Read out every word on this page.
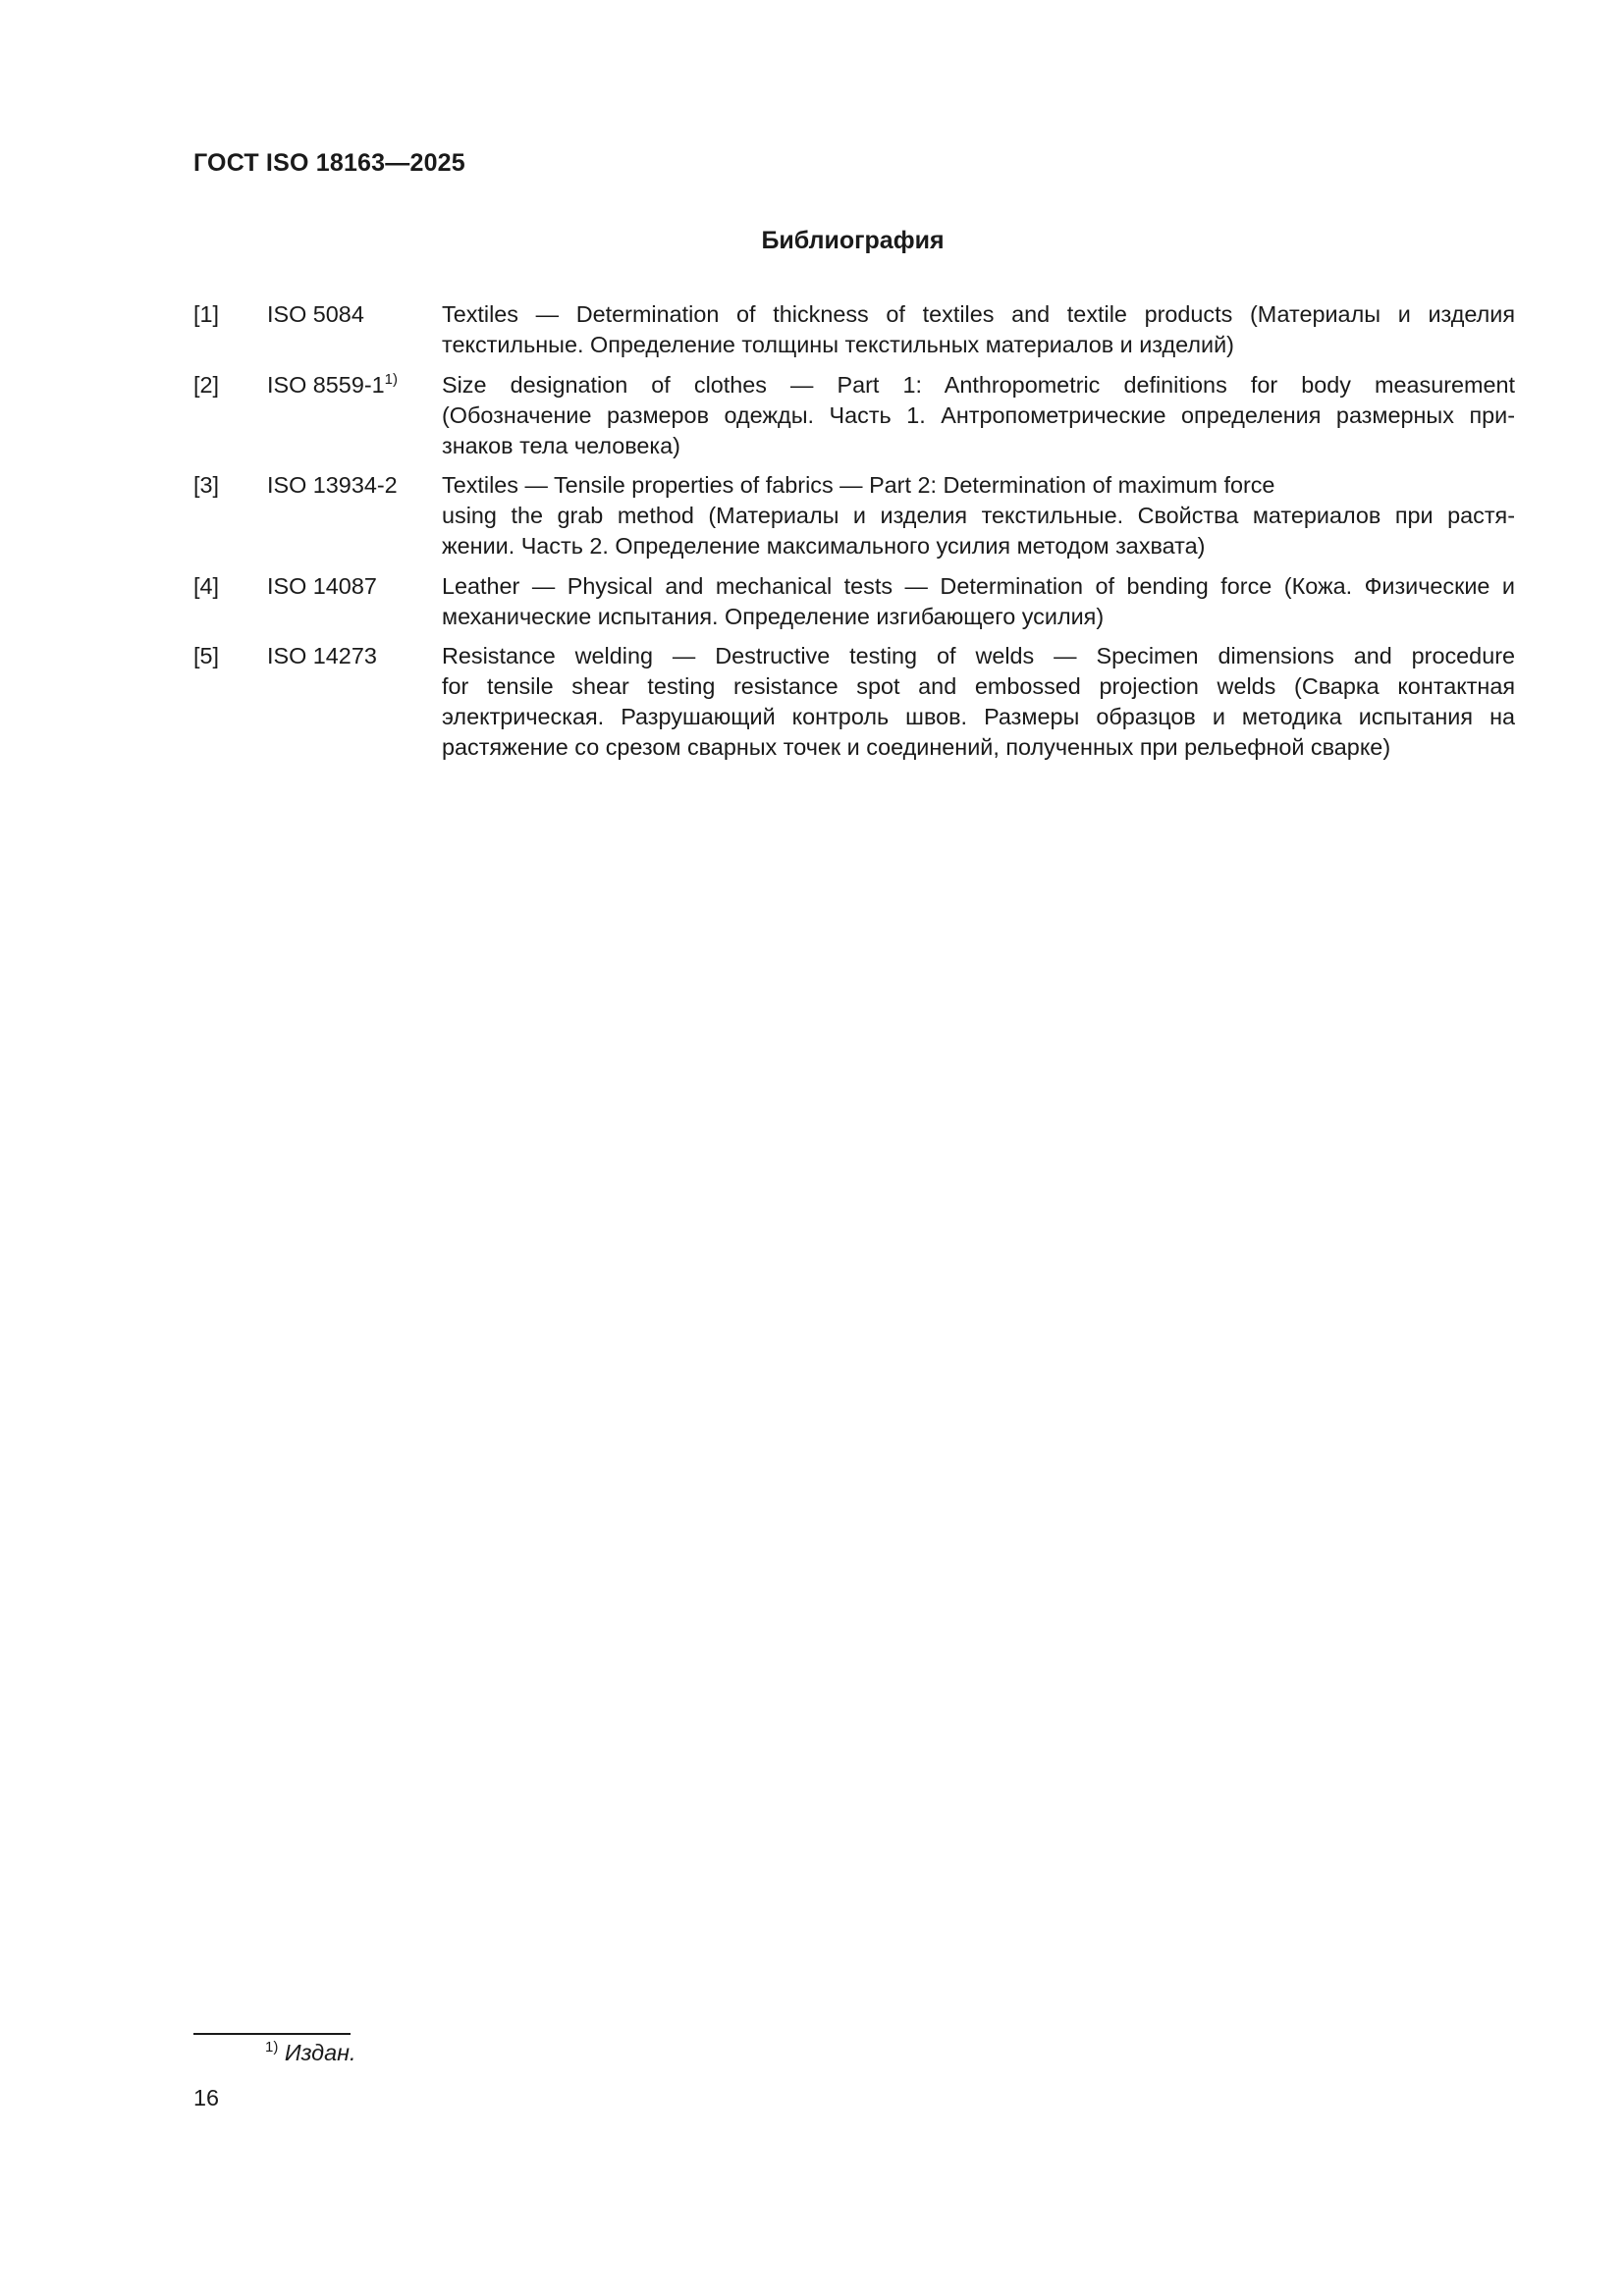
ГОСТ ISO 18163—2025
Библиография
[1]	ISO 5084	Textiles — Determination of thickness of textiles and textile products (Материалы и изделия
текстильные. Определение толщины текстильных материалов и изделий)
[2]	ISO 8559-1$^{1)}$	Size designation of clothes — Part 1: Anthropometric definitions for body measurement
(Обозначение размеров одежды. Часть 1. Антропометрические определения размерных при-
знаков тела человека)
[3]	ISO 13934-2	Textiles — Tensile properties of fabrics — Part 2: Determination of maximum force
using the grab method (Материалы и изделия текстильные. Свойства материалов при растя-
жении. Часть 2. Определение максимального усилия методом захвата)
[4]	ISO 14087	Leather — Physical and mechanical tests — Determination of bending force (Кожа. Физические и
механические испытания. Определение изгибающего усилия)
[5]	ISO 14273	Resistance welding — Destructive testing of welds — Specimen dimensions and procedure
for tensile shear testing resistance spot and embossed projection welds (Сварка контактная
электрическая. Разрушающий контроль швов. Размеры образцов и методика испытания на
растяжение со срезом сварных точек и соединений, полученных при рельефной сварке)
$^{1)}$ Издан.
16
